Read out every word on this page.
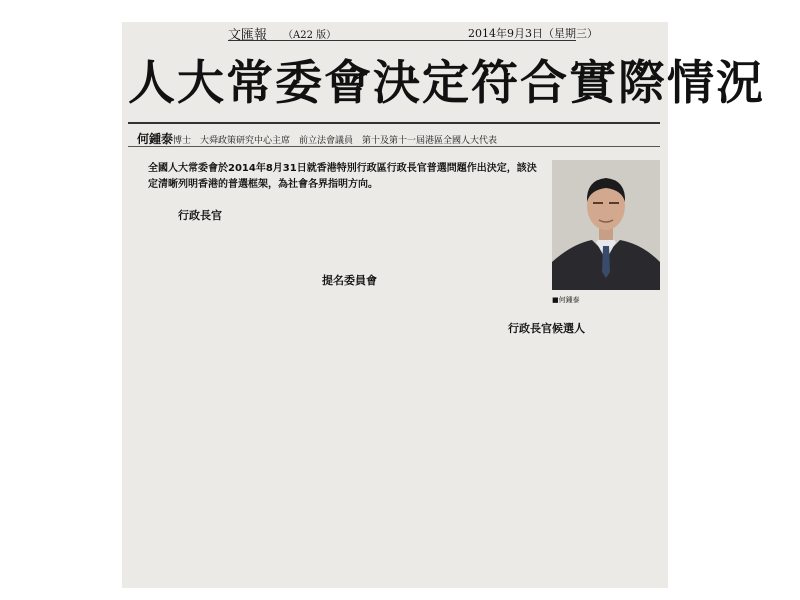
文匯報 （A22 版）	2014年9月3日（星期三）
人大常委會決定符合實際情況
何鍾泰博士　 大舜政策研究中心主席　前立法會議員　第十及第十一屆港區全國人大代表
全國人大常委會於2014年8月31日就香港特別行政區行政長官普選問題作出決定，該決定清晰列明香港的普選框架，為社會各界指明方向。
行政長官
提名委員會
行政長官候選人
■何鍾泰
